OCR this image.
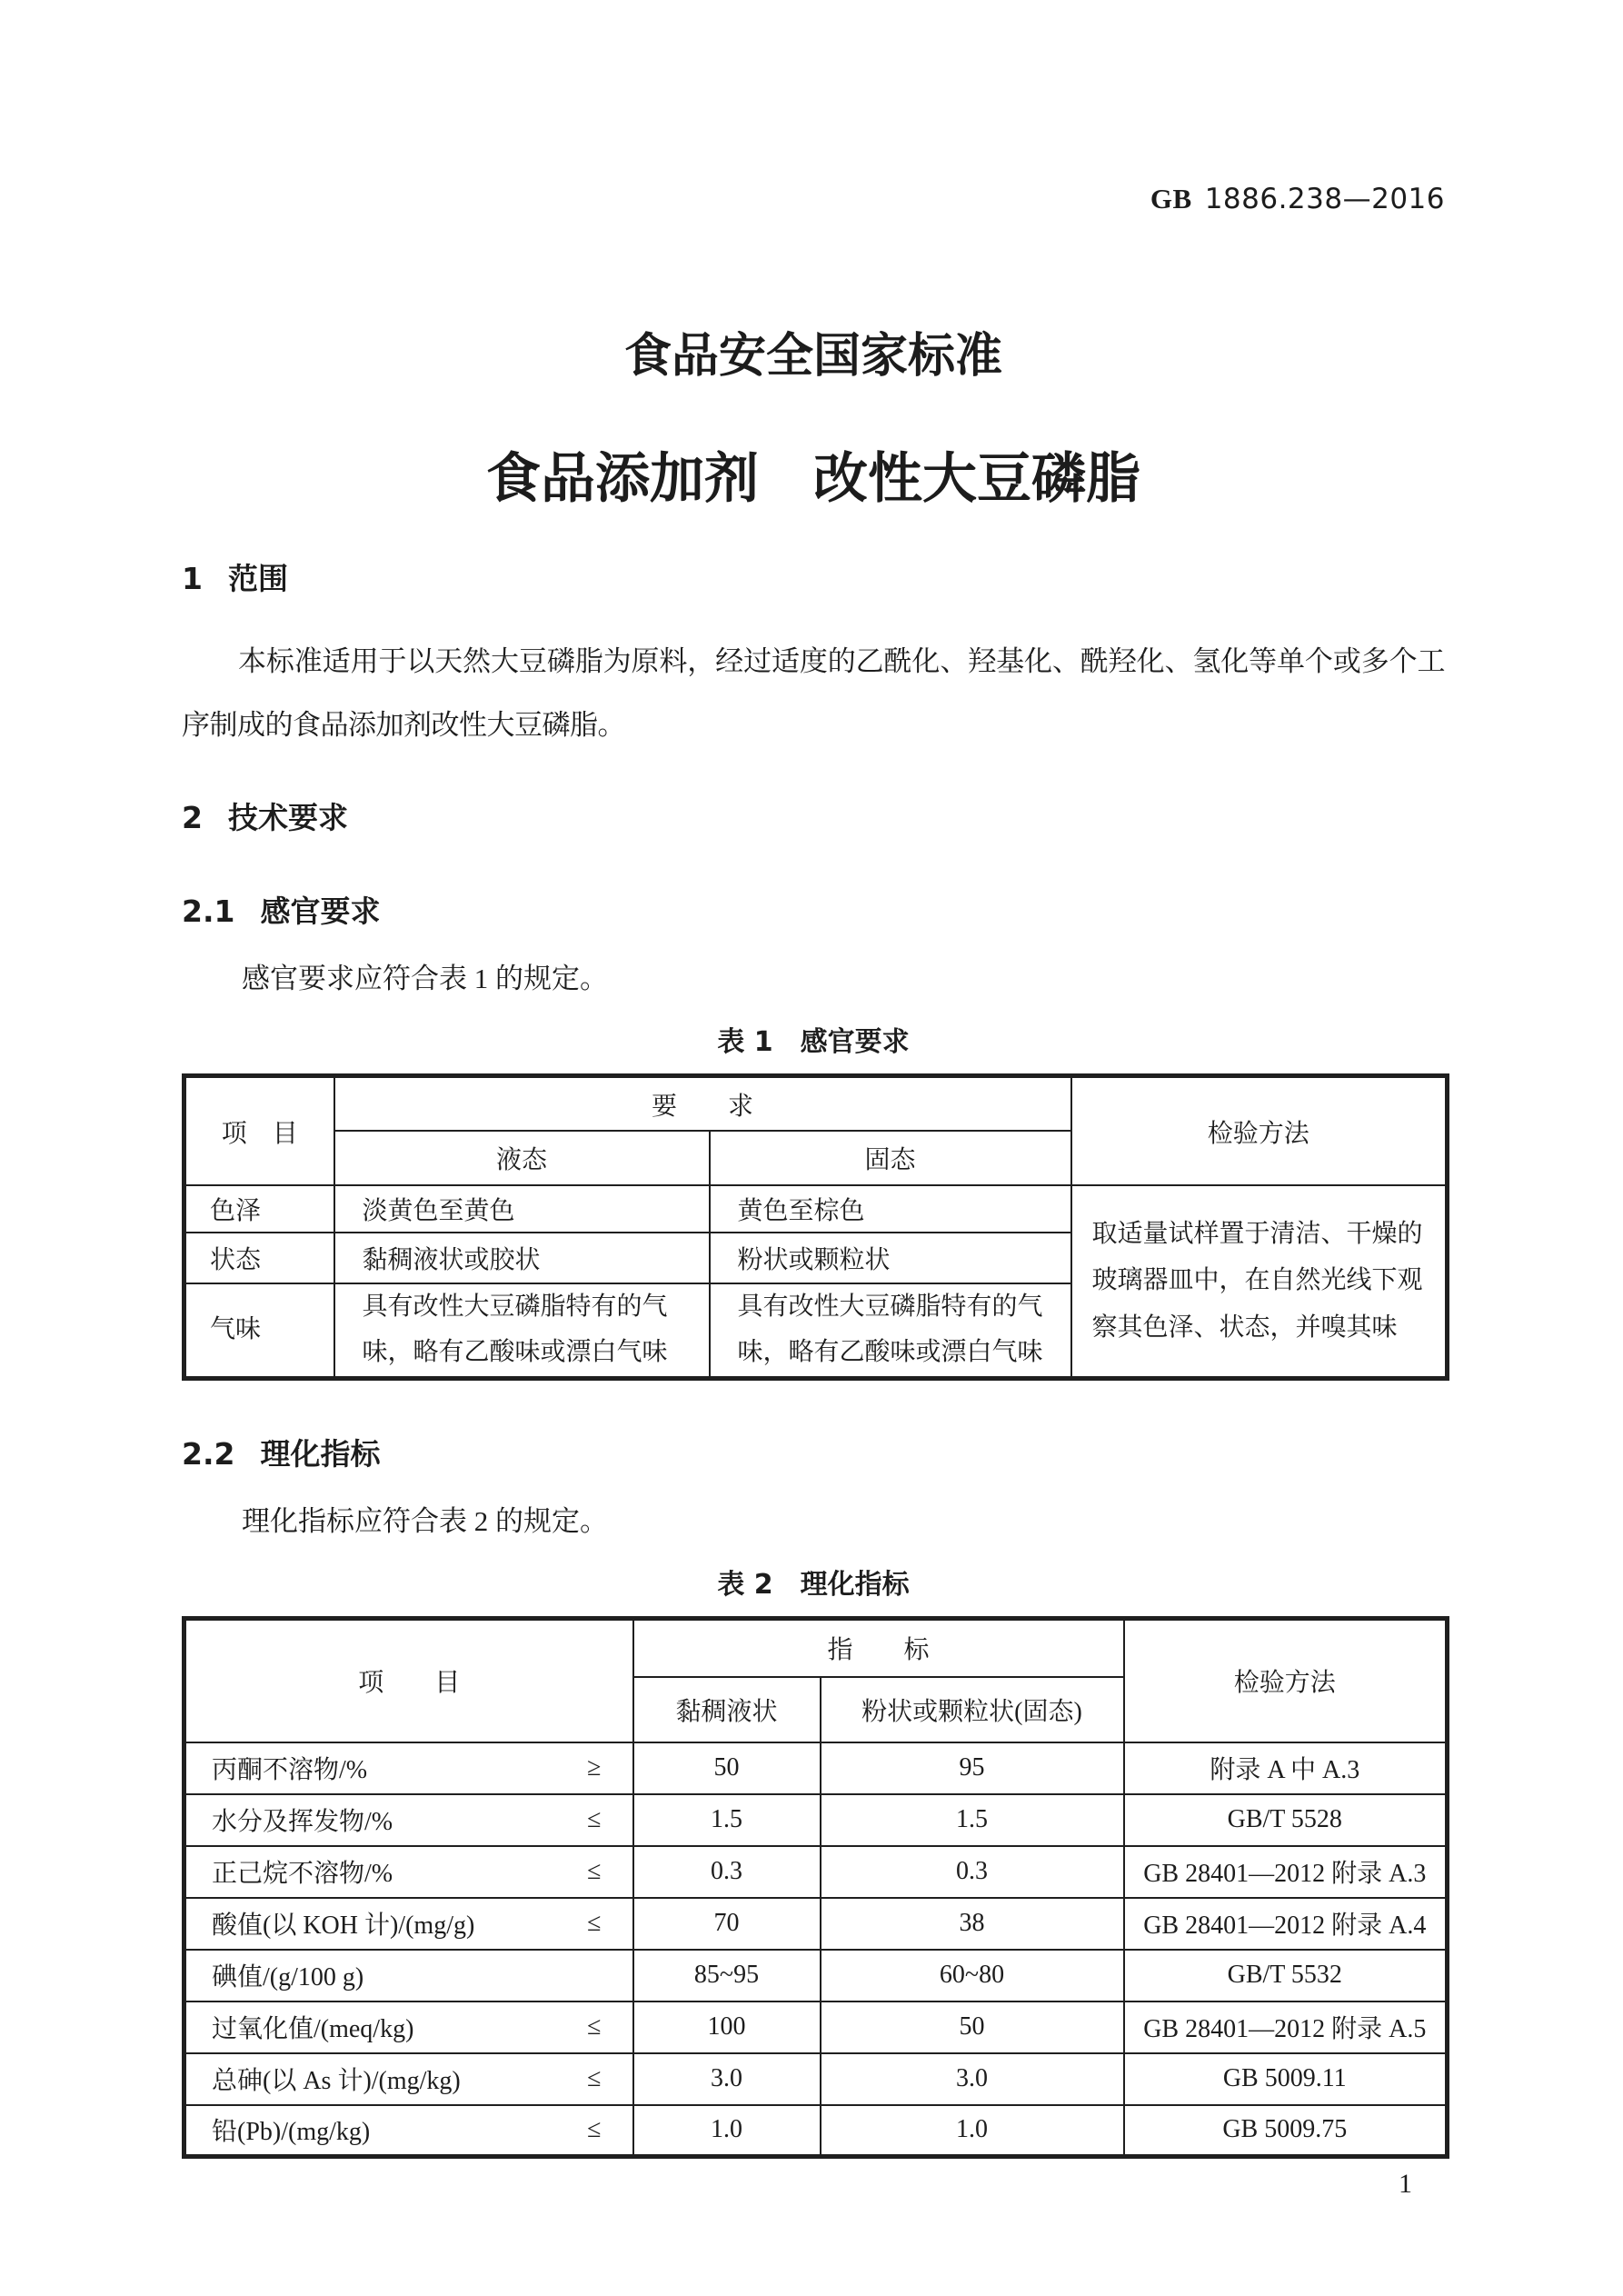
GB 1886.238—2016
食品安全国家标准
食品添加剂　改性大豆磷脂
1 范围
本标准适用于以天然大豆磷脂为原料，经过适度的乙酰化、羟基化、酰羟化、氢化等单个或多个工序制成的食品添加剂改性大豆磷脂。
2 技术要求
2.1 感官要求
感官要求应符合表 1 的规定。
表 1　感官要求
项　目	要　　求		检验方法
	液态	固态	
色泽	淡黄色至黄色	黄色至棕色	取适量试样置于清洁、干燥的玻璃器皿中，在自然光线下观察其色泽、状态，并嗅其味
状态	黏稠液状或胶状	粉状或颗粒状	
气味	具有改性大豆磷脂特有的气味，略有乙酸味或漂白气味	具有改性大豆磷脂特有的气味，略有乙酸味或漂白气味	
2.2 理化指标
理化指标应符合表 2 的规定。
表 2　理化指标
项　　目	指　　标		检验方法
	黏稠液状	粉状或颗粒状(固态)	

丙酮不溶物/% ≥	50	95	附录 A 中 A.3

水分及挥发物/% ≤	1.5	1.5	GB/T 5528

正己烷不溶物/% ≤	0.3	0.3	GB 28401—2012 附录 A.3

酸值(以 KOH 计)/(mg/g) ≤	70	38	GB 28401—2012 附录 A.4

碘值/(g/100 g)	85~95	60~80	GB/T 5532

过氧化值/(meq/kg) ≤	100	50	GB 28401—2012 附录 A.5

总砷(以 As 计)/(mg/kg) ≤	3.0	3.0	GB 5009.11

铅(Pb)/(mg/kg) ≤	1.0	1.0	GB 5009.75
1
